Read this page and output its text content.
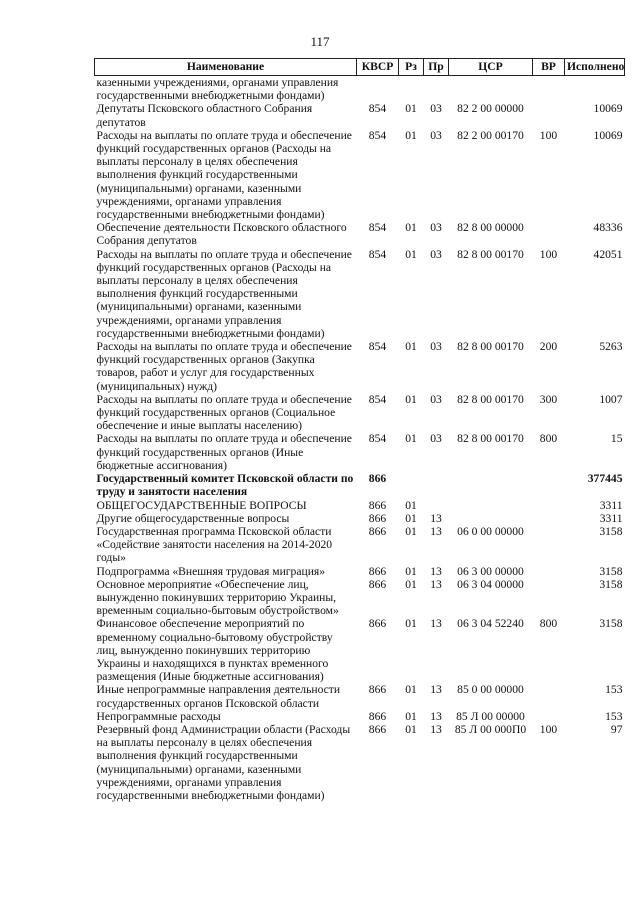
117
Наименование	КВСР	Рз	Пр	ЦСР	ВР	Исполнено
казенными учреждениями, органами управления государственными внебюджетными фондами)						
Депутаты Псковского областного Собрания депутатов	854	01	03	82 2 00 00000		10069
Расходы на выплаты по оплате труда и обеспечение функций государственных органов (Расходы на выплаты персоналу в целях обеспечения выполнения функций государственными (муниципальными) органами, казенными учреждениями, органами управления государственными внебюджетными фондами)	854	01	03	82 2 00 00170	100	10069
Обеспечение деятельности Псковского областного Собрания депутатов	854	01	03	82 8 00 00000		48336
Расходы на выплаты по оплате труда и обеспечение функций государственных органов (Расходы на выплаты персоналу в целях обеспечения выполнения функций государственными (муниципальными) органами, казенными учреждениями, органами управления государственными внебюджетными фондами)	854	01	03	82 8 00 00170	100	42051
Расходы на выплаты по оплате труда и обеспечение функций государственных органов (Закупка товаров, работ и услуг для государственных (муниципальных) нужд)	854	01	03	82 8 00 00170	200	5263
Расходы на выплаты по оплате труда и обеспечение функций государственных органов (Социальное обеспечение и иные выплаты населению)	854	01	03	82 8 00 00170	300	1007
Расходы на выплаты по оплате труда и обеспечение функций государственных органов (Иные бюджетные ассигнования)	854	01	03	82 8 00 00170	800	15
Государственный комитет Псковской области по труду и занятости населения	866					377445
ОБЩЕГОСУДАРСТВЕННЫЕ ВОПРОСЫ	866	01				3311
Другие общегосударственные вопросы	866	01	13			3311
Государственная программа Псковской области «Содействие занятости населения на 2014-2020 годы»	866	01	13	06 0 00 00000		3158
Подпрограмма «Внешняя трудовая миграция»	866	01	13	06 3 00 00000		3158
Основное мероприятие «Обеспечение лиц, вынужденно покинувших территорию Украины, временным социально-бытовым обустройством»	866	01	13	06 3 04 00000		3158
Финансовое обеспечение мероприятий по временному социально-бытовому обустройству лиц, вынужденно покинувших территорию Украины и находящихся в пунктах временного размещения (Иные бюджетные ассигнования)	866	01	13	06 3 04 52240	800	3158
Иные непрограммные направления деятельности государственных органов Псковской области	866	01	13	85 0 00 00000		153
Непрограммные расходы	866	01	13	85 Л 00 00000		153
Резервный фонд Администрации области (Расходы на выплаты персоналу в целях обеспечения выполнения функций государственными (муниципальными) органами, казенными учреждениями, органами управления государственными внебюджетными фондами)	866	01	13	85 Л 00 000П0	100	97
